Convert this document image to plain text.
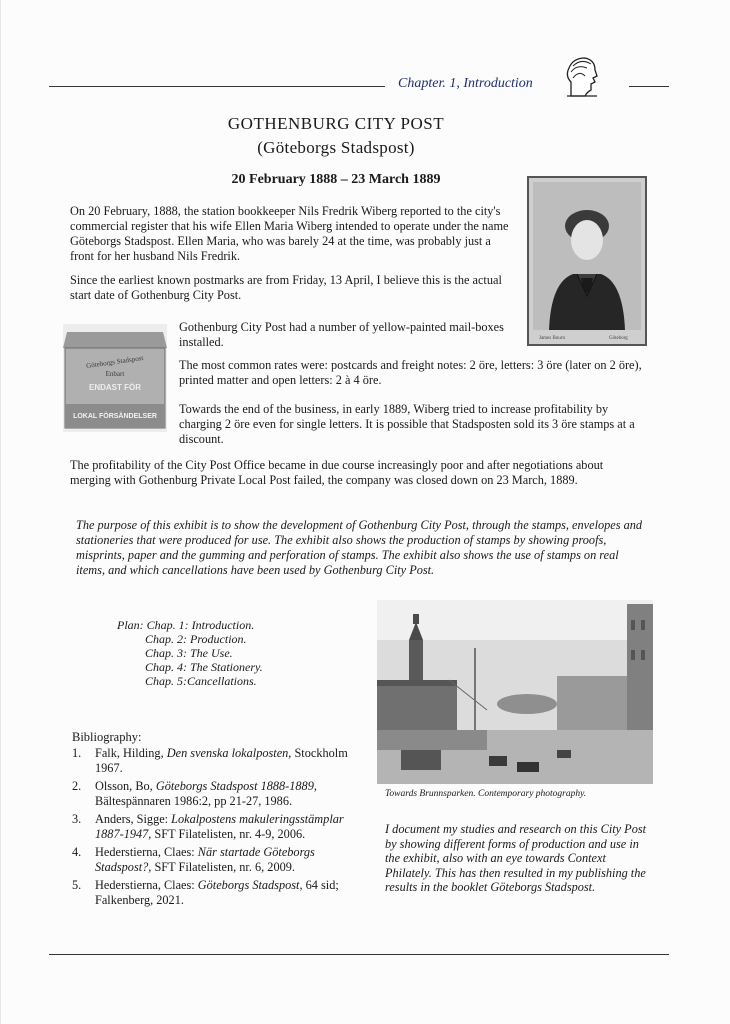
Chapter. 1, Introduction
GOTHENBURG CITY POST
(Göteborgs Stadspost)
20 February 1888 – 23 March 1889
James Bourn	Göteborg
On 20 February, 1888, the station bookkeeper Nils Fredrik Wiberg reported to the city's commercial register that his wife Ellen Maria Wiberg intended to operate under the name Göteborgs Stadspost. Ellen Maria, who was barely 24 at the time, was probably just a front for her husband Nils Fredrik.
Since the earliest known postmarks are from Friday, 13 April, I believe this is the actual start date of Gothenburg City Post.
Göteborgs Stadspost
Enbart
ENDAST FÖR
LOKAL FÖRSÄNDELSER
Gothenburg City Post had a number of yellow-painted mail-boxes installed.
The most common rates were: postcards and freight notes: 2 öre, letters: 3 öre (later on 2 öre), printed matter and open letters: 2 à 4 öre.
Towards the end of the business, in early 1889, Wiberg tried to increase profitability by charging 2 öre even for single letters. It is possible that Stadsposten sold its 3 öre stamps at a discount.
The profitability of the City Post Office became in due course increasingly poor and after negotiations about merging with Gothenburg Private Local Post failed, the company was closed down on 23 March, 1889.
The purpose of this exhibit is to show the development of Gothenburg City Post, through the stamps, envelopes and stationeries that were produced for use. The exhibit also shows the production of stamps by showing proofs, misprints, paper and the gumming and perforation of stamps. The exhibit also shows the use of stamps on real items, and which cancellations have been used by Gothenburg City Post.
Plan: Chap. 1: Introduction.
Chap. 2: Production.
Chap. 3: The Use.
Chap. 4: The Stationery.
Chap. 5:Cancellations.
Towards Brunnsparken. Contemporary photography.
Bibliography:
1. Falk, Hilding, Den svenska lokalposten, Stockholm 1967.
2. Olsson, Bo, Göteborgs Stadspost 1888-1889, Bältespännaren 1986:2, pp 21-27, 1986.
3. Anders, Sigge: Lokalpostens makuleringsstämplar 1887-1947, SFT Filatelisten, nr. 4-9, 2006.
4. Hederstierna, Claes: När startade Göteborgs Stadspost?, SFT Filatelisten, nr. 6, 2009.
5. Hederstierna, Claes: Göteborgs Stadspost, 64 sid; Falkenberg, 2021.
I document my studies and research on this City Post by showing different forms of production and use in the exhibit, also with an eye towards Context Philately. This has then resulted in my publishing the results in the booklet Göteborgs Stadspost.
